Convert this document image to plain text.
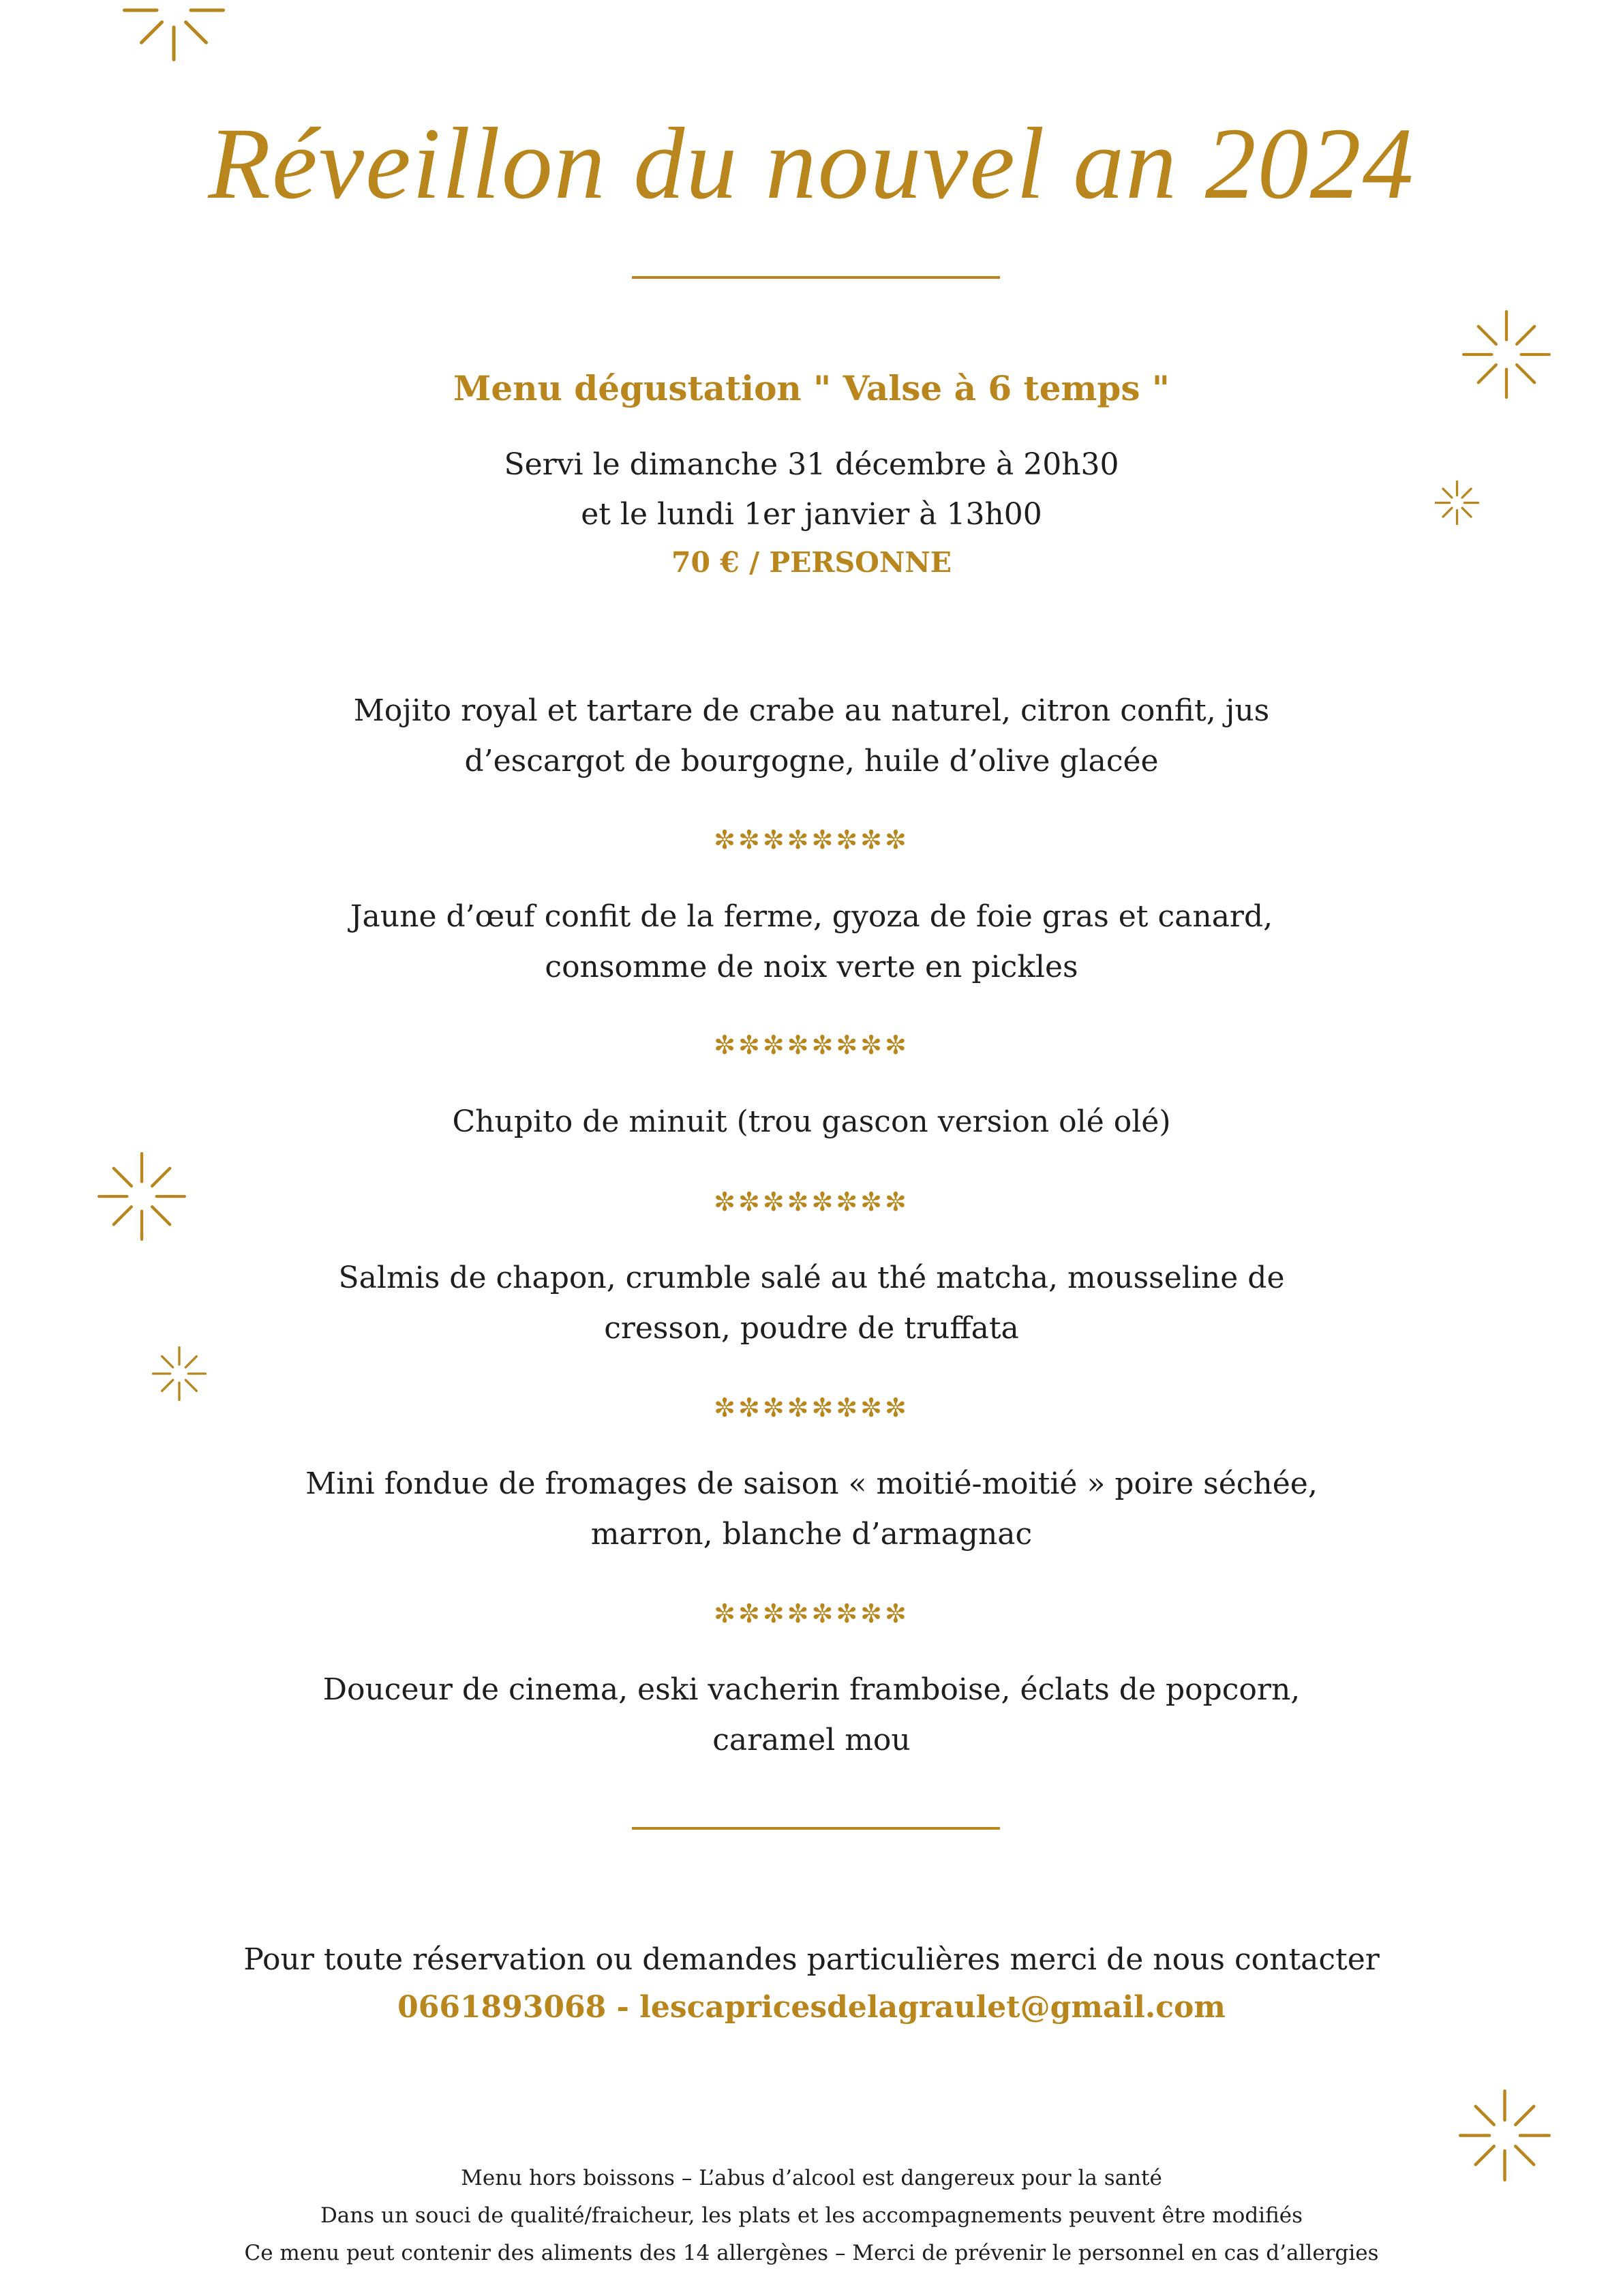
Réveillon du nouvel an 2024
Menu dégustation " Valse à 6 temps "
Servi le dimanche 31 décembre à 20h30
et le lundi 1er janvier à 13h00
70 € / PERSONNE
Mojito royal et tartare de crabe au naturel, citron confit, jus
d’escargot de bourgogne, huile d’olive glacée
✼✼✼✼✼✼✼✼
Jaune d’œuf confit de la ferme, gyoza de foie gras et canard,
consomme de noix verte en pickles
✼✼✼✼✼✼✼✼
Chupito de minuit (trou gascon version olé olé)
✼✼✼✼✼✼✼✼
Salmis de chapon, crumble salé au thé matcha, mousseline de
cresson, poudre de truffata
✼✼✼✼✼✼✼✼
Mini fondue de fromages de saison « moitié-moitié » poire séchée,
marron, blanche d’armagnac
✼✼✼✼✼✼✼✼
Douceur de cinema, eski vacherin framboise, éclats de popcorn,
caramel mou
Pour toute réservation ou demandes particulières merci de nous contacter
0661893068 - lescapricesdelagraulet@gmail.com
Menu hors boissons – L’abus d’alcool est dangereux pour la santé
Dans un souci de qualité/fraicheur, les plats et les accompagnements peuvent être modifiés
Ce menu peut contenir des aliments des 14 allergènes – Merci de prévenir le personnel en cas d’allergies
